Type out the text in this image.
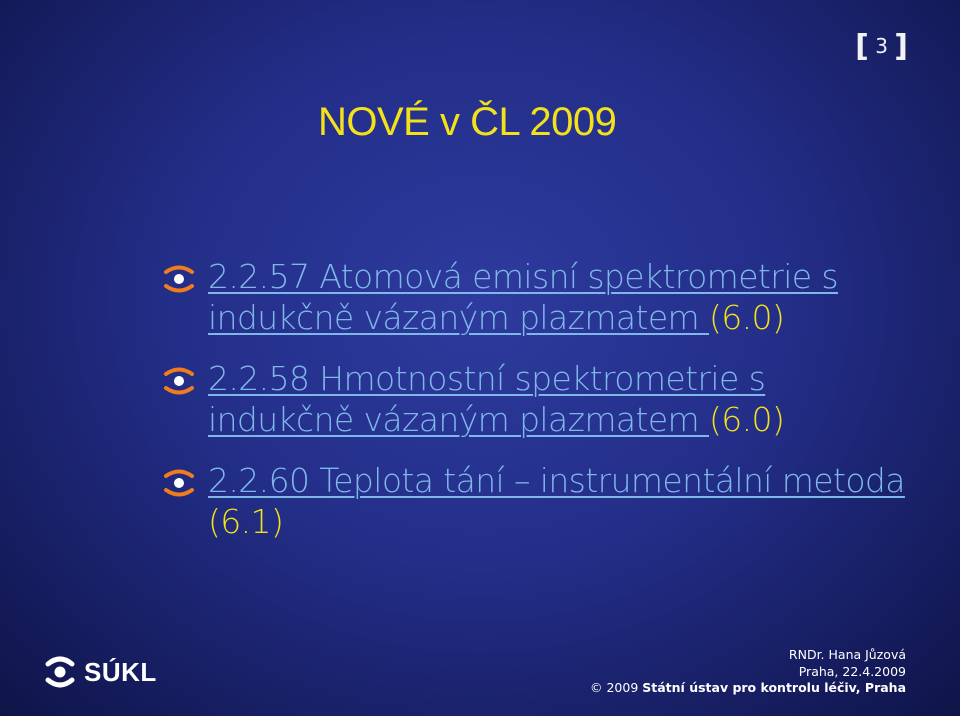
[ 3 ]
NOVÉ v ČL 2009
2.2.57 Atomová emisní spektrometrie s indukčně vázaným plazmatem (6.0)
2.2.58 Hmotnostní spektrometrie s indukčně vázaným plazmatem (6.0)
2.2.60 Teplota tání – instrumentální metoda (6.1)
SÚKL
RNDr. Hana Jůzová
Praha, 22.4.2009
© 2009 Státní ústav pro kontrolu léčiv, Praha
